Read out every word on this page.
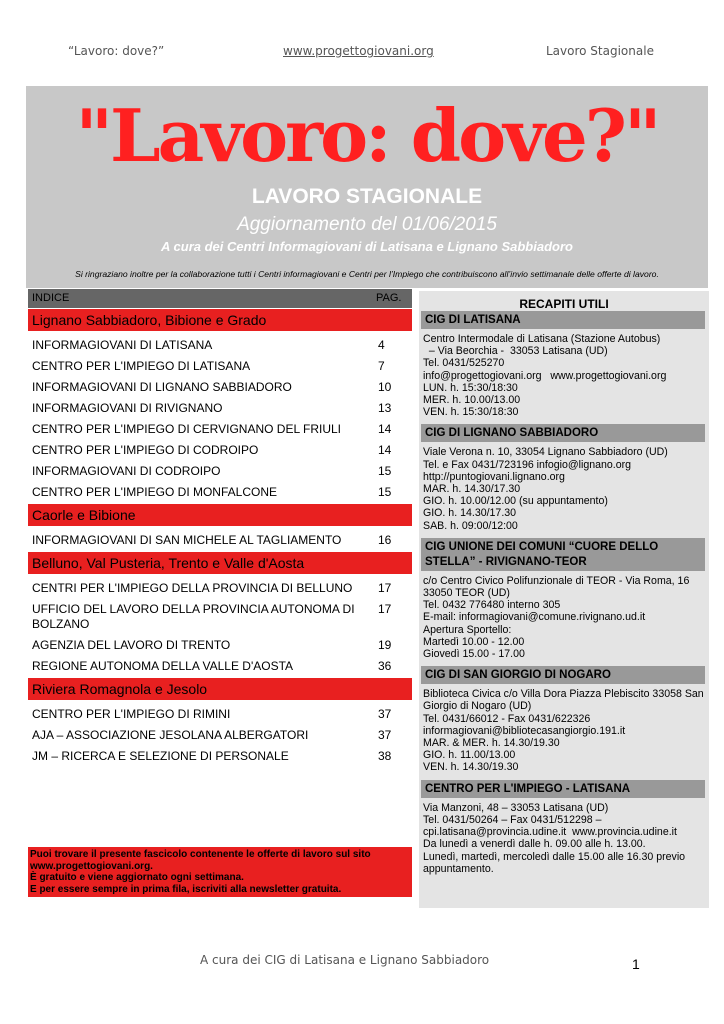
“Lavoro: dove?”	www.progettogiovani.org	Lavoro Stagionale
"Lavoro: dove?"
LAVORO STAGIONALE
Aggiornamento del 01/06/2015
A cura dei Centri Informagiovani di Latisana e Lignano Sabbiadoro
Si ringraziano inoltre per la collaborazione tutti i Centri informagiovani e Centri per l’Impiego che contribuiscono all’invio settimanale delle offerte di lavoro.
INDICE	PAG.
Lignano Sabbiadoro, Bibione e Grado
INFORMAGIOVANI DI LATISANA	4
CENTRO PER L'IMPIEGO DI LATISANA	7
INFORMAGIOVANI DI LIGNANO SABBIADORO	10
INFORMAGIOVANI DI RIVIGNANO	13
CENTRO PER L'IMPIEGO DI CERVIGNANO DEL FRIULI	14
CENTRO PER L'IMPIEGO DI CODROIPO	14
INFORMAGIOVANI DI CODROIPO	15
CENTRO PER L'IMPIEGO DI MONFALCONE	15
Caorle e Bibione
INFORMAGIOVANI DI SAN MICHELE AL TAGLIAMENTO	16
Belluno, Val Pusteria, Trento e Valle d'Aosta
CENTRI PER L'IMPIEGO DELLA PROVINCIA DI BELLUNO	17
UFFICIO DEL LAVORO DELLA PROVINCIA AUTONOMA DI BOLZANO
17
AGENZIA DEL LAVORO DI TRENTO	19
REGIONE AUTONOMA DELLA VALLE D'AOSTA	36
Riviera Romagnola e Jesolo
CENTRO PER L'IMPIEGO DI RIMINI	37
AJA – ASSOCIAZIONE JESOLANA ALBERGATORI	37
JM – RICERCA E SELEZIONE DI PERSONALE	38
Puoi trovare il presente fascicolo contenente le offerte di lavoro sul sito www.progettogiovani.org.
È gratuito e viene aggiornato ogni settimana.
E per essere sempre in prima fila, iscriviti alla newsletter gratuita.
RECAPITI UTILI
CIG DI LATISANA
Centro Intermodale di Latisana (Stazione Autobus)
– Via Beorchia -  33053 Latisana (UD)
Tel. 0431/525270
info@progettogiovani.org   www.progettogiovani.org
LUN. h. 15:30/18:30
MER. h. 10.00/13.00
VEN. h. 15:30/18:30
CIG DI LIGNANO SABBIADORO
Viale Verona n. 10, 33054 Lignano Sabbiadoro (UD)
Tel. e Fax 0431/723196 infogio@lignano.org
http://puntogiovani.lignano.org
MAR. h. 14.30/17.30
GIO. h. 10.00/12.00 (su appuntamento)
GIO. h. 14.30/17.30
SAB. h. 09:00/12:00
CIG UNIONE DEI COMUNI “CUORE DELLO STELLA” - RIVIGNANO-TEOR
c/o Centro Civico Polifunzionale di TEOR - Via Roma, 16 33050 TEOR (UD)
Tel. 0432 776480 interno 305
E-mail: informagiovani@comune.rivignano.ud.it
Apertura Sportello:
Martedì 10.00 - 12.00
Giovedì 15.00 - 17.00
CIG DI SAN GIORGIO DI NOGARO
Biblioteca Civica c/o Villa Dora Piazza Plebiscito 33058 San Giorgio di Nogaro (UD)
Tel. 0431/66012 - Fax 0431/622326
informagiovani@bibliotecasangiorgio.191.it
MAR. & MER. h. 14.30/19.30
GIO. h. 11.00/13.00
VEN. h. 14.30/19.30
CENTRO PER L'IMPIEGO - LATISANA
Via Manzoni, 48 – 33053 Latisana (UD)
Tel. 0431/50264 – Fax 0431/512298 – cpi.latisana@provincia.udine.it  www.provincia.udine.it
Da lunedì a venerdì dalle h. 09.00 alle h. 13.00.
Lunedì, martedì, mercoledì dalle 15.00 alle 16.30 previo appuntamento.
A cura dei CIG di Latisana e Lignano Sabbiadoro	1
